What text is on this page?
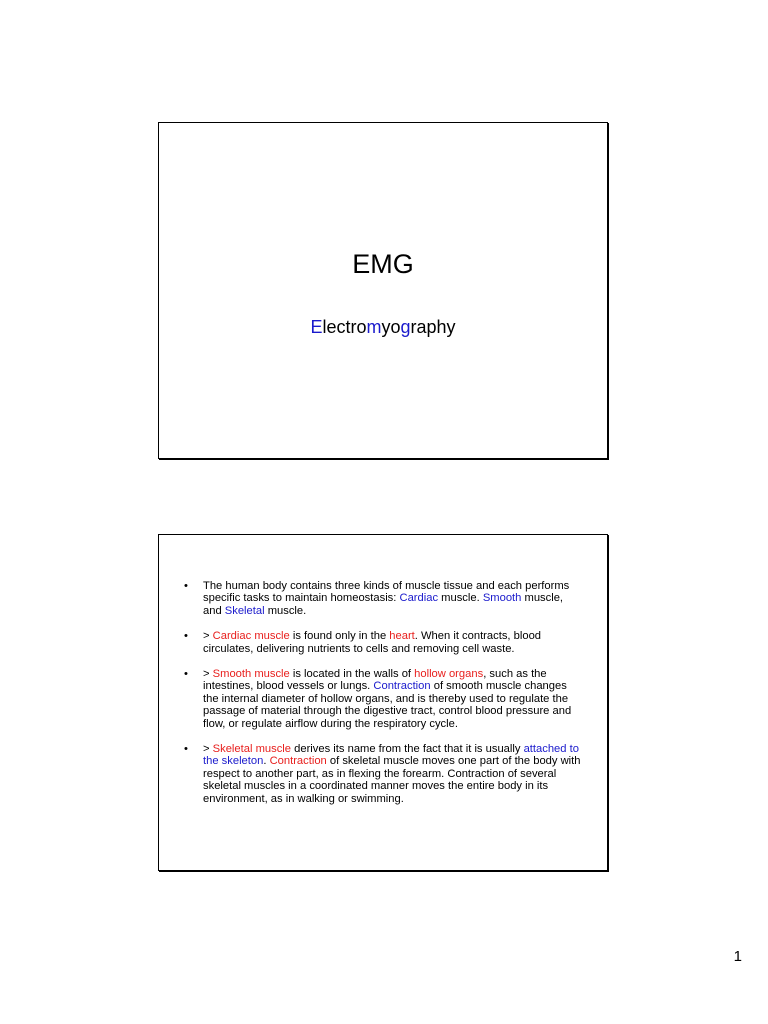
EMG
Electromyography
• The human body contains three kinds of muscle tissue and each performs specific tasks to maintain homeostasis: Cardiac muscle. Smooth muscle, and Skeletal muscle.
• > Cardiac muscle is found only in the heart. When it contracts, blood circulates, delivering nutrients to cells and removing cell waste.
• > Smooth muscle is located in the walls of hollow organs, such as the intestines, blood vessels or lungs. Contraction of smooth muscle changes the internal diameter of hollow organs, and is thereby used to regulate the passage of material through the digestive tract, control blood pressure and flow, or regulate airflow during the respiratory cycle.
• > Skeletal muscle derives its name from the fact that it is usually attached to the skeleton. Contraction of skeletal muscle moves one part of the body with respect to another part, as in flexing the forearm. Contraction of several skeletal muscles in a coordinated manner moves the entire body in its environment, as in walking or swimming.
1
